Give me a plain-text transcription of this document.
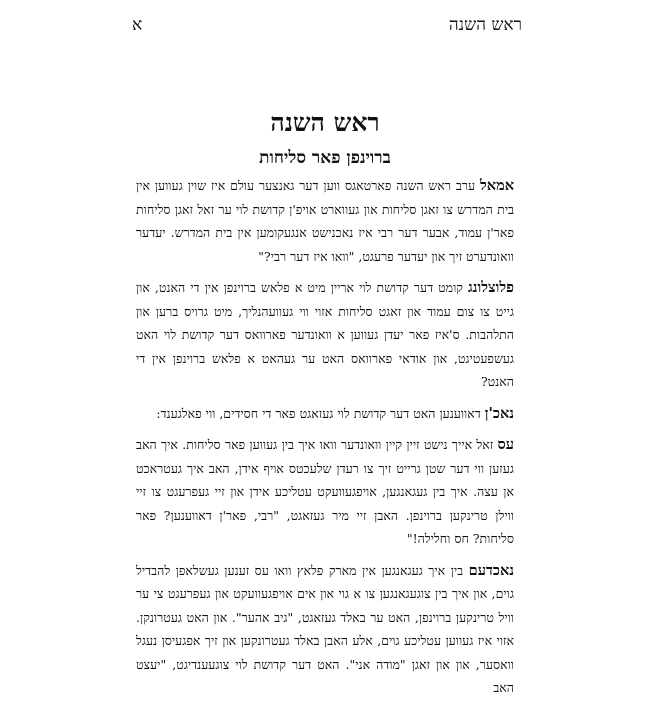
ראש השנה
א
ראש השנה
ברוינפן פאר סליחות

אמאל ערב ראש השנה פארטאגס ווען דער גאנצער עולם איז שוין געווען אין בית המדרש צו זאגן סליחות און געווארט אויפ'ן קדושת לוי ער זאל זאגן סליחות פאר'ן עמוד, אבער דער רבי איז נאכנישט אנגעקומען אין בית המדרש. יעדער וואונדערט זיך און יעדער פרעגט, "וואו איז דער רבי?"

פלוצלונג קומט דער קדושת לוי אריין מיט א פלאש ברוינפן אין די האנט, און גייט צו צום עמוד און זאגט סליחות אזוי ווי געוועהנליך, מיט גרויס ברען און התלהבות. ס'איז פאר יעדן געווען א וואונדער פארוואס דער קדושת לוי האט געשפעטיגט, און אודאי פארוואס האט ער געהאט א פלאש ברוינפן אין די האנט?

נאכ'ן דאווענען האט דער קדושת לוי געזאגט פאר די חסידים, ווי פאלגענד:

עס זאל אייך נישט זיין קיין וואונדער וואו איך בין געווען פאר סליחות. איך האב געזען ווי דער שטן גרייט זיך צו רעדן שלעכטס אויף אידן, האב איך געטראכט אן עצה. איך בין געגאנגען, אויפגעוועקט עטליכע אידן און זיי געפרעגט צו זיי ווילן טרינקען ברוינפן. האבן זיי מיר געזאגט, "רבי, פאר'ן דאווענען? פאר סליחות? חס וחלילה!"

נאכדעם בין איך געגאנגען אין מארק פלאץ וואו עס זענען געשלאפן להבדיל גוים, און איך בין צוגעגאנגען צו א גוי און אים אויפגעוועקט און געפרעגט צי ער וויל טרינקען ברוינפן, האט ער באלד געזאגט, "גיב אהער". און האט געטרונקן. אזוי איז געווען עטליכע גוים, אלע האבן באלד געטרונקען און זיך אפגעיסן נעגל וואסער, און און זאגן "מודה אני". האט דער קדושת לוי צוגעענדיגט, "יעצט האב
